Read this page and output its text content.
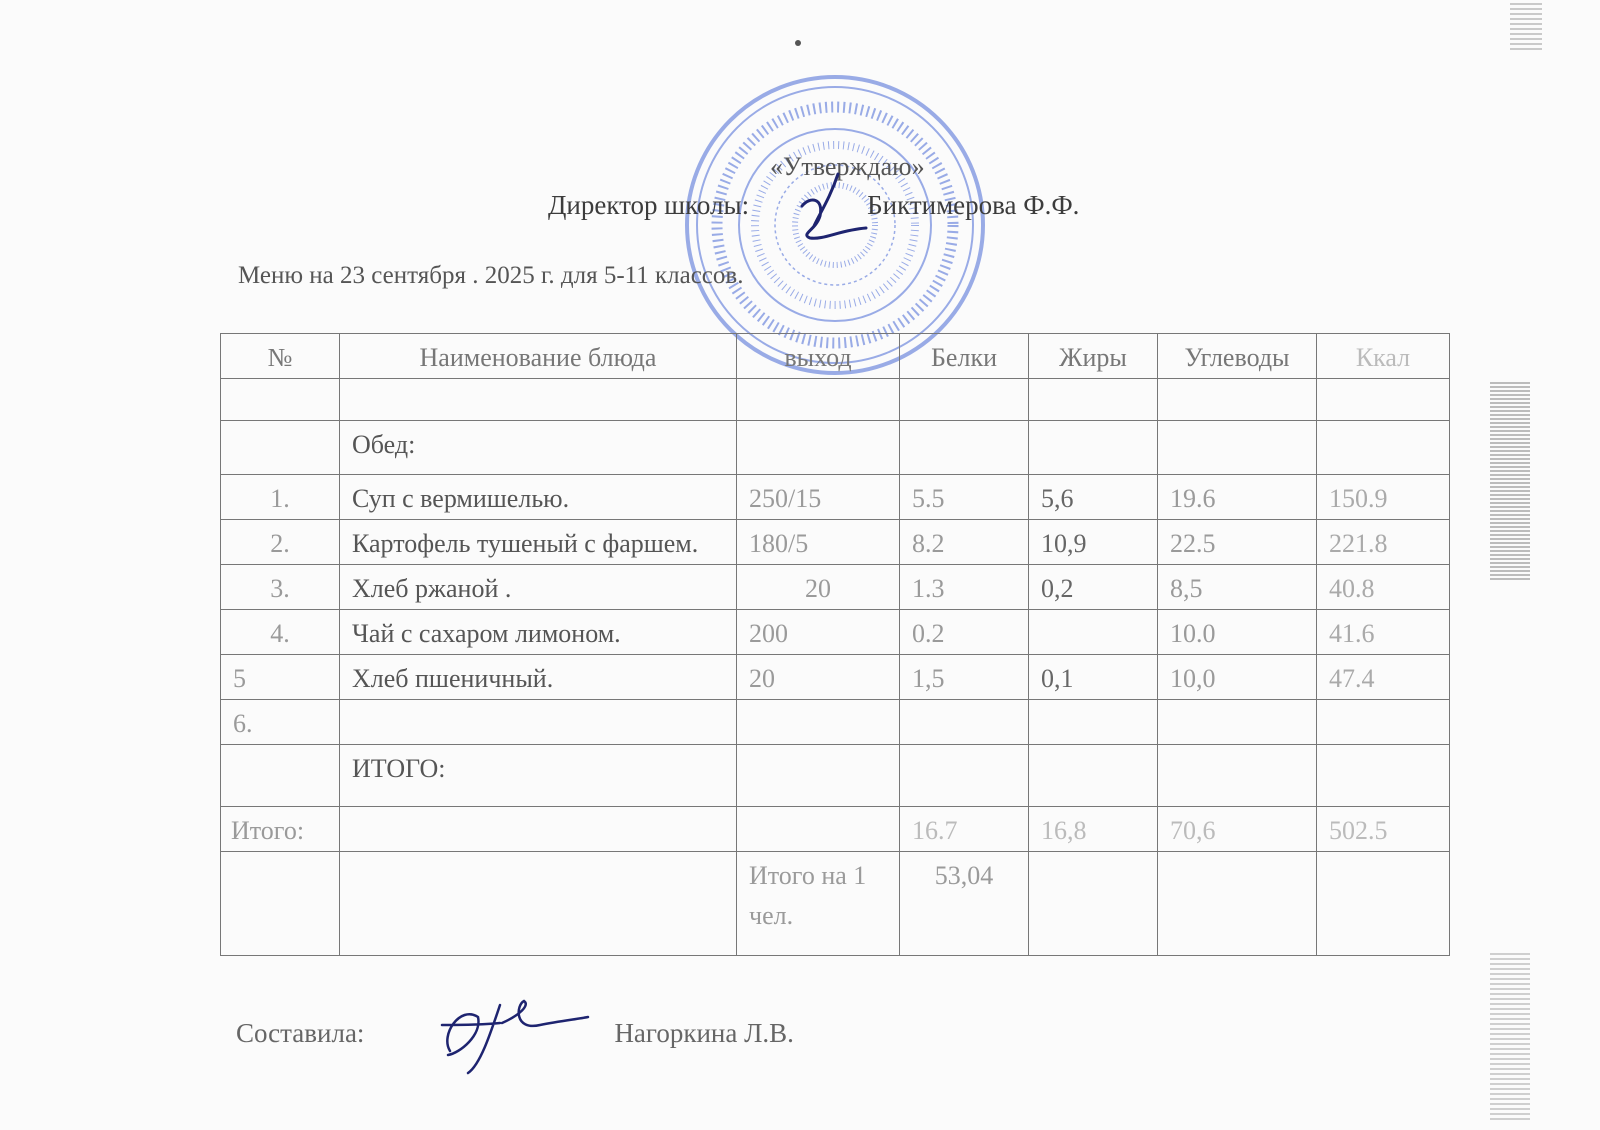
«Утверждаю»
Директор школы:	Биктимерова Ф.Ф.
Меню на 23 сентября . 2025 г. для 5-11 классов.
№	Наименование блюда	выход	Белки	Жиры	Углеводы	Ккал

	Обед:					
1.	Суп с вермишелью.	250/15	5.5	5,6	19.6	150.9
2.	Картофель тушеный с фаршем.	180/5	8.2	10,9	22.5	221.8
3.	Хлеб ржаной .	20	1.3	0,2	8,5	40.8
4.	Чай с сахаром лимоном.	200	0.2		10.0	41.6
5	Хлеб пшеничный.	20	1,5	0,1	10,0	47.4
6.						
	ИТОГО:					
Итого:			16.7	16,8	70,6	502.5
		Итого на 1 чел.	53,04			
Составила:	Нагоркина Л.В.
